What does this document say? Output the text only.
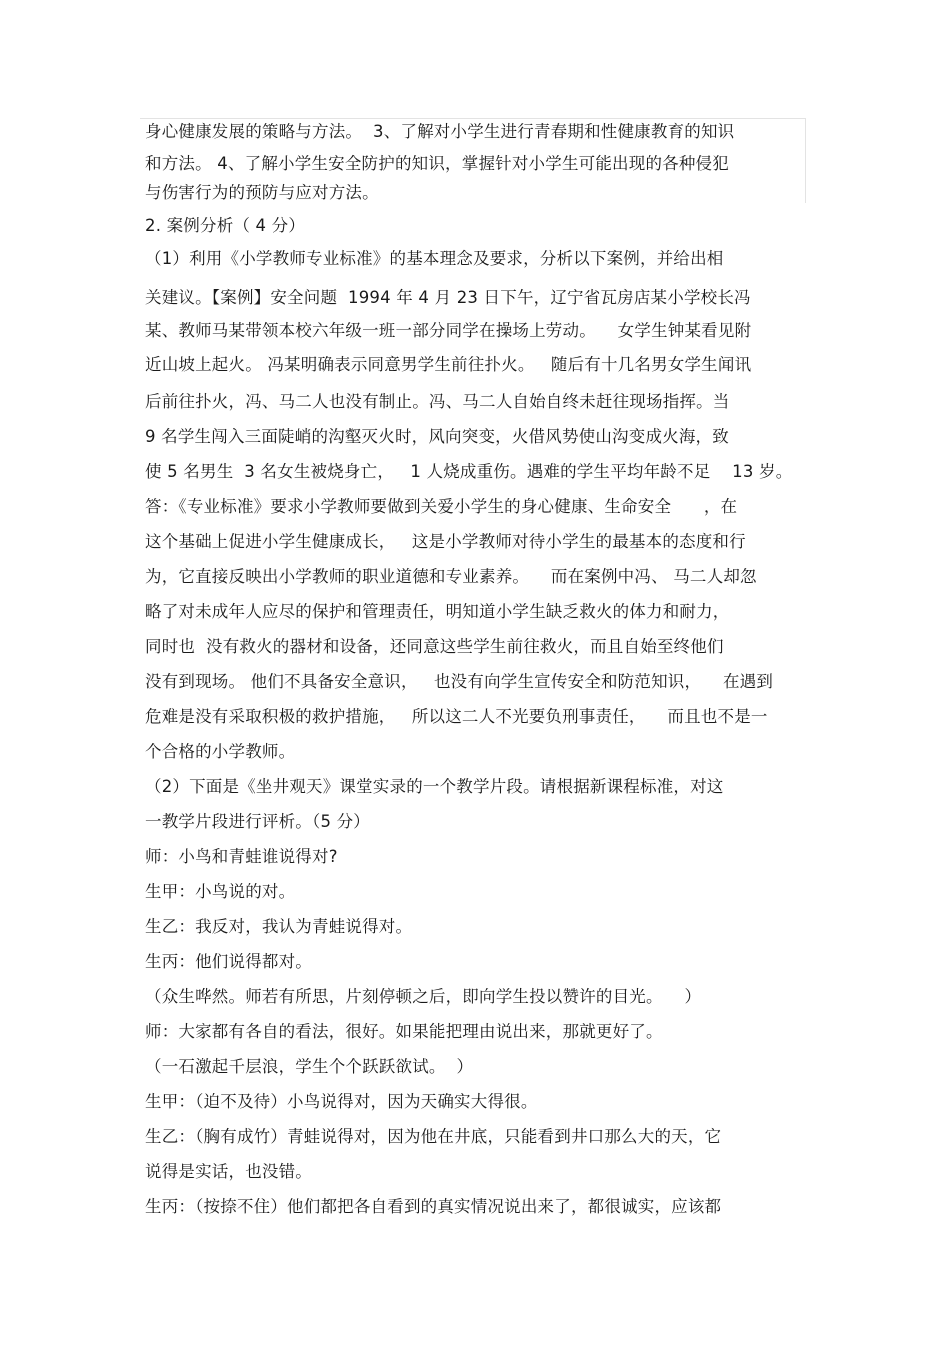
身心健康发展的策略与方法。  3、了解对小学生进行青春期和性健康教育的知识
和方法。 4、了解小学生安全防护的知识，掌握针对小学生可能出现的各种侵犯
与伤害行为的预防与应对方法。
2. 案例分析（ 4 分）
（1）利用《小学教师专业标准》的基本理念及要求，分析以下案例，并给出相
关建议。【案例】安全问题  1994 年 4 月 23 日下午，辽宁省瓦房店某小学校长冯
某、教师马某带领本校六年级一班一部分同学在操场上劳动。    女学生钟某看见附
近山坡上起火。 冯某明确表示同意男学生前往扑火。   随后有十几名男女学生闻讯
后前往扑火，冯、马二人也没有制止。冯、马二人自始自终未赶往现场指挥。当
9 名学生闯入三面陡峭的沟壑灭火时，风向突变，火借风势使山沟变成火海，致
使 5 名男生  3 名女生被烧身亡，   1 人烧成重伤。遇难的学生平均年龄不足    13 岁。
答：《专业标准》要求小学教师要做到关爱小学生的身心健康、生命安全      ，在
这个基础上促进小学生健康成长，   这是小学教师对待小学生的最基本的态度和行
为，它直接反映出小学教师的职业道德和专业素养。    而在案例中冯、 马二人却忽
略了对未成年人应尽的保护和管理责任，明知道小学生缺乏救火的体力和耐力，
同时也  没有救火的器材和设备，还同意这些学生前往救火，而且自始至终他们
没有到现场。 他们不具备安全意识，   也没有向学生宣传安全和防范知识，    在遇到
危难是没有采取积极的救护措施，   所以这二人不光要负刑事责任，    而且也不是一
个合格的小学教师。
（2）下面是《坐井观天》课堂实录的一个教学片段。请根据新课程标准，对这
一教学片段进行评析。（5 分）
师：小鸟和青蛙谁说得对?
生甲：小鸟说的对。
生乙：我反对，我认为青蛙说得对。
生丙：他们说得都对。
（众生哗然。师若有所思，片刻停顿之后，即向学生投以赞许的目光。    ）
师：大家都有各自的看法，很好。如果能把理由说出来，那就更好了。
（一石激起千层浪，学生个个跃跃欲试。  ）
生甲：（迫不及待）小鸟说得对，因为天确实大得很。
生乙：（胸有成竹）青蛙说得对，因为他在井底，只能看到井口那么大的天，它
说得是实话，也没错。
生丙：（按捺不住）他们都把各自看到的真实情况说出来了，都很诚实，应该都
